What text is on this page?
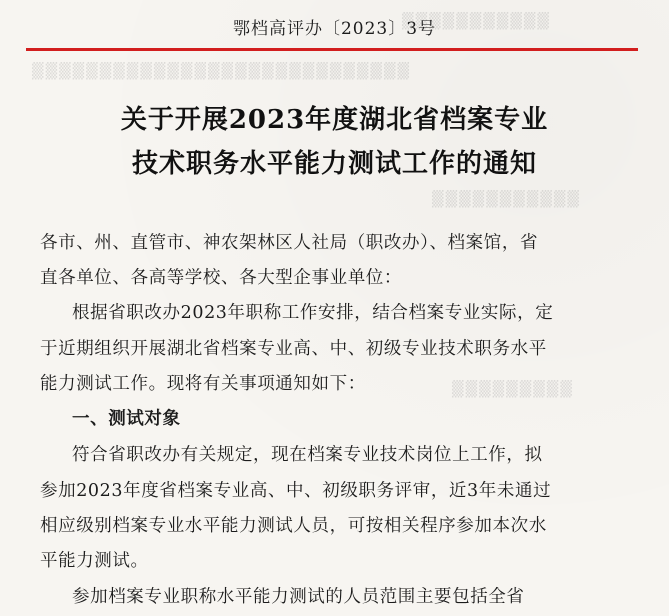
▒▒▒▒▒▒▒▒▒▒▒
▒▒▒▒▒▒▒▒▒▒▒▒▒▒▒▒▒▒▒▒▒▒▒▒▒▒▒▒
▒▒▒▒▒▒▒▒▒▒▒
▒▒▒▒▒▒▒▒▒
鄂档高评办〔2023〕3号
关于开展2023年度湖北省档案专业
技术职务水平能力测试工作的通知
各市、州、直管市、神农架林区人社局（职改办）、档案馆，省
直各单位、各高等学校、各大型企事业单位：
根据省职改办2023年职称工作安排，结合档案专业实际，定
于近期组织开展湖北省档案专业高、中、初级专业技术职务水平
能力测试工作。现将有关事项通知如下：
一、测试对象
符合省职改办有关规定，现在档案专业技术岗位上工作，拟
参加2023年度省档案专业高、中、初级职务评审，近3年未通过
相应级别档案专业水平能力测试人员，可按相关程序参加本次水
平能力测试。
参加档案专业职称水平能力测试的人员范围主要包括全省
